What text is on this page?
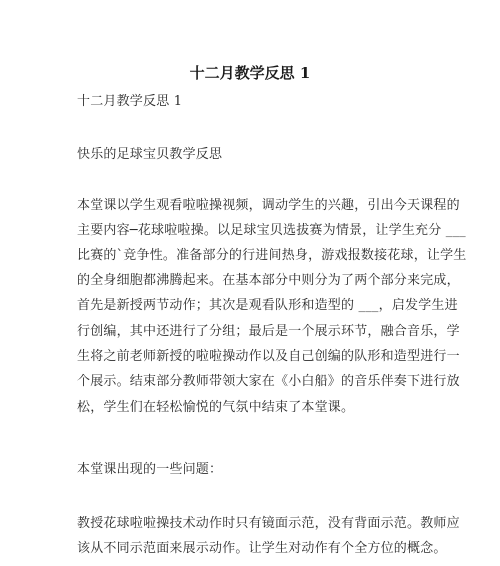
十二月教学反思 1
十二月教学反思 1
快乐的足球宝贝教学反思
本堂课以学生观看啦啦操视频，调动学生的兴趣，引出今天课程的
主要内容─花球啦啦操。以足球宝贝选拔赛为情景，让学生充分 ___
比赛的`竞争性。准备部分的行进间热身，游戏报数接花球，让学生
的全身细胞都沸腾起来。在基本部分中则分为了两个部分来完成，
首先是新授两节动作；其次是观看队形和造型的 ___，启发学生进
行创编，其中还进行了分组；最后是一个展示环节，融合音乐，学
生将之前老师新授的啦啦操动作以及自己创编的队形和造型进行一
个展示。结束部分教师带领大家在《小白船》的音乐伴奏下进行放
松，学生们在轻松愉悦的气氛中结束了本堂课。
本堂课出现的一些问题：
教授花球啦啦操技术动作时只有镜面示范，没有背面示范。教师应
该从不同示范面来展示动作。让学生对动作有个全方位的概念。
